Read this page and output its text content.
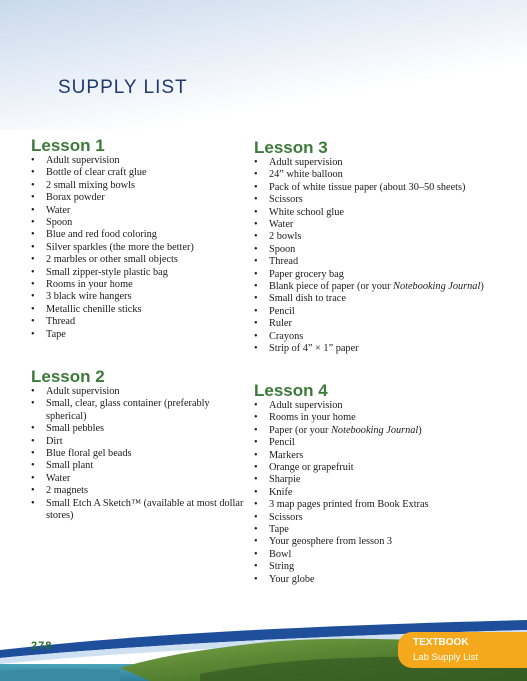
SUPPLY LIST
Lesson 1
• Adult supervision
• Bottle of clear craft glue
• 2 small mixing bowls
• Borax powder
• Water
• Spoon
• Blue and red food coloring
• Silver sparkles (the more the better)
• 2 marbles or other small objects
• Small zipper-style plastic bag
• Rooms in your home
• 3 black wire hangers
• Metallic chenille sticks
• Thread
• Tape
Lesson 2
• Adult supervision
• Small, clear, glass container (preferably spherical)
• Small pebbles
• Dirt
• Blue floral gel beads
• Small plant
• Water
• 2 magnets
• Small Etch A Sketch™ (available at most dollar stores)
Lesson 3
• Adult supervision
• 24” white balloon
• Pack of white tissue paper (about 30–50 sheets)
• Scissors
• White school glue
• Water
• 2 bowls
• Spoon
• Thread
• Paper grocery bag
• Blank piece of paper (or your Notebooking Journal)
• Small dish to trace
• Pencil
• Ruler
• Crayons
• Strip of 4” × 1” paper
Lesson 4
• Adult supervision
• Rooms in your home
• Paper (or your Notebooking Journal)
• Pencil
• Markers
• Orange or grapefruit
• Sharpie
• Knife
• 3 map pages printed from Book Extras
• Scissors
• Tape
• Your geosphere from lesson 3
• Bowl
• String
• Your globe
278	TEXTBOOK
Lab Supply List
